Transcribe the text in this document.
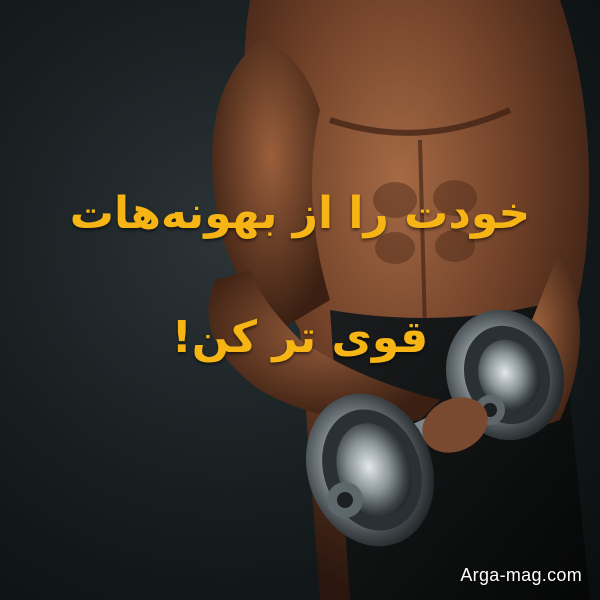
خودت را از بهونه‌هات
قوی تر کن!
Arga-mag.com
